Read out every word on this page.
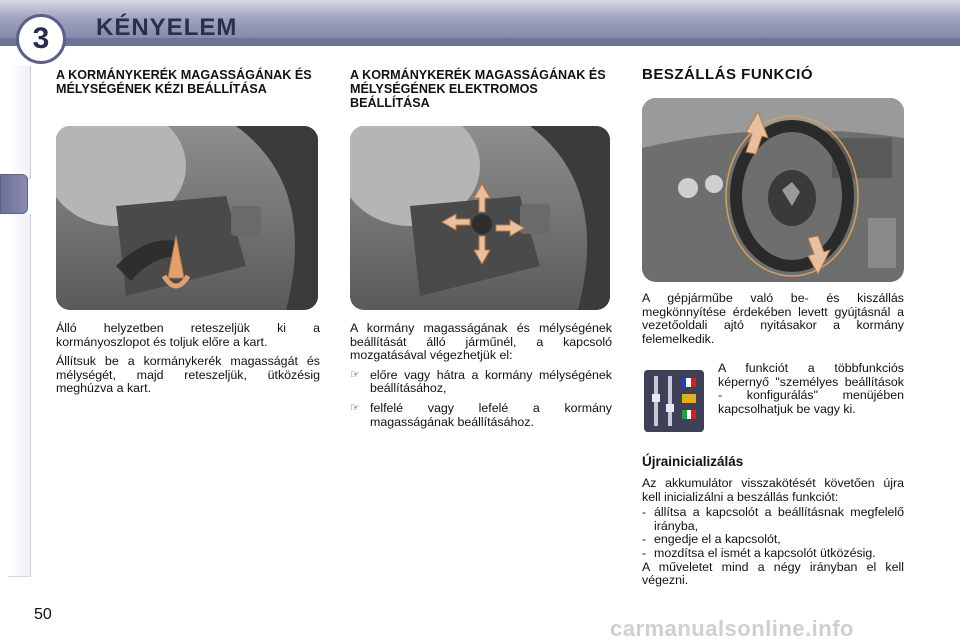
3	KÉNYELEM
A KORMÁNYKERÉK MAGASSÁGÁNAK ÉS MÉLYSÉGÉNEK KÉZI BEÁLLÍTÁSA

Álló helyzetben reteszeljük ki a kormányoszlopot és toljuk előre a kart.

Állítsuk be a kormánykerék magasságát és mélységét, majd reteszeljük, ütközésig meghúzva a kart.

A KORMÁNYKERÉK MAGASSÁGÁNAK ÉS MÉLYSÉGÉNEK ELEKTROMOS BEÁLLÍTÁSA

A kormány magasságának és mélységének beállítását álló járműnél, a kapcsoló mozgatásával végezhetjük el:

☞ előre vagy hátra a kormány mélységének beállításához,
☞ felfelé vagy lefelé a kormány magasságának beállításához.
BESZÁLLÁS FUNKCIÓ

A gépjárműbe való be- és kiszállás megkönnyítése érdekében levett gyújtásnál a vezetőoldali ajtó nyitásakor a kormány felemelkedik.

A funkciót a többfunkciós képernyő "személyes beállítások - konfigurálás" menüjében kapcsolhatjuk be vagy ki.

Újrainicializálás

Az akkumulátor visszakötését követően újra kell inicializálni a beszállás funkciót:

- állítsa a kapcsolót a beállításnak megfelelő irányba,
- engedje el a kapcsolót,
- mozdítsa el ismét a kapcsolót ütközésig.

A műveletet mind a négy irányban el kell végezni.

50
carmanualsonline.info
